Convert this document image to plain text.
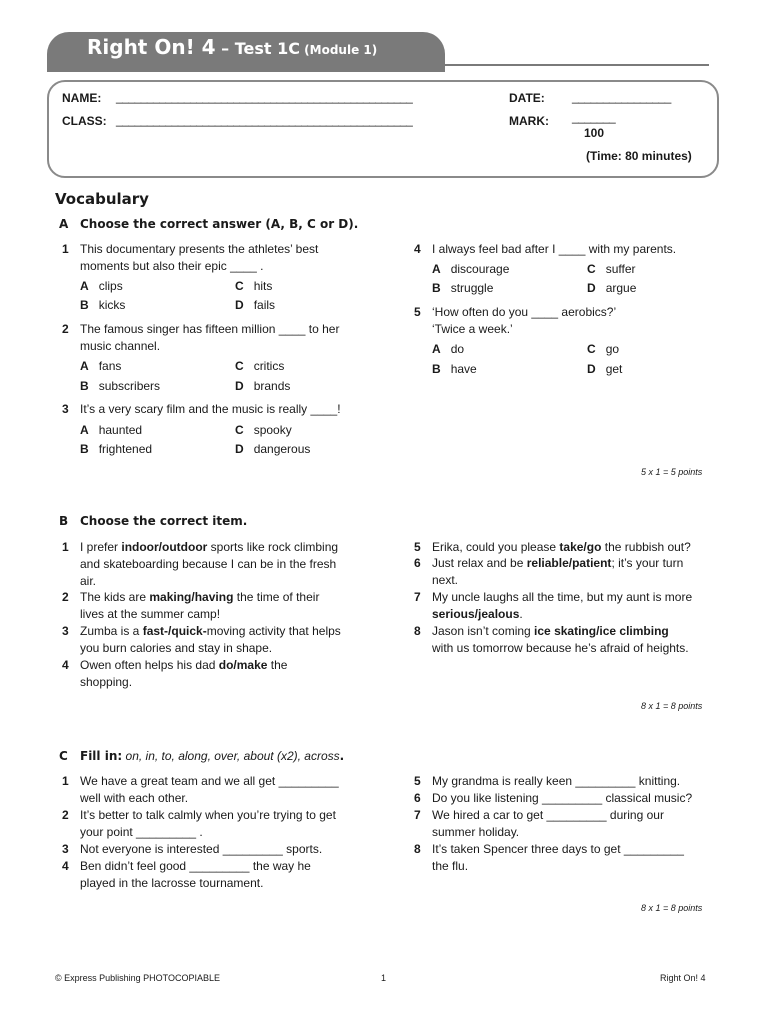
Right On! 4 – Test 1C (Module 1)
NAME: ________________________________________________
CLASS: ________________________________________________
DATE: ________________
MARK: _______
100
(Time: 80 minutes)
Vocabulary
A Choose the correct answer (A, B, C or D).
1 This documentary presents the athletes’ best
moments but also their epic ____ .
A clips	C hits
B kicks	D fails
2 The famous singer has fifteen million ____ to her
music channel.
A fans	C critics
B subscribers	D brands
3 It’s a very scary film and the music is really ____!
A haunted	C spooky
B frightened	D dangerous
4 I always feel bad after I ____ with my parents.
A discourage	C suffer
B struggle	D argue
5 ‘How often do you ____ aerobics?’
‘Twice a week.’
A do	C go
B have	D get
5 x 1 = 5 points
B Choose the correct item.
1 I prefer indoor/outdoor sports like rock climbing
and skateboarding because I can be in the fresh
air.
2 The kids are making/having the time of their
lives at the summer camp!
3 Zumba is a fast-/quick-moving activity that helps
you burn calories and stay in shape.
4 Owen often helps his dad do/make the
shopping.
5 Erika, could you please take/go the rubbish out?
6 Just relax and be reliable/patient; it’s your turn
next.
7 My uncle laughs all the time, but my aunt is more
serious/jealous.
8 Jason isn’t coming ice skating/ice climbing
with us tomorrow because he’s afraid of heights.
8 x 1 = 8 points
C Fill in: on, in, to, along, over, about (x2), across.
1 We have a great team and we all get _________
well with each other.
2 It’s better to talk calmly when you’re trying to get
your point _________ .
3 Not everyone is interested _________ sports.
4 Ben didn’t feel good _________ the way he
played in the lacrosse tournament.
5 My grandma is really keen _________ knitting.
6 Do you like listening _________ classical music?
7 We hired a car to get _________ during our
summer holiday.
8 It’s taken Spencer three days to get _________
the flu.
8 x 1 = 8 points
© Express Publishing PHOTOCOPIABLE	1	Right On! 4
